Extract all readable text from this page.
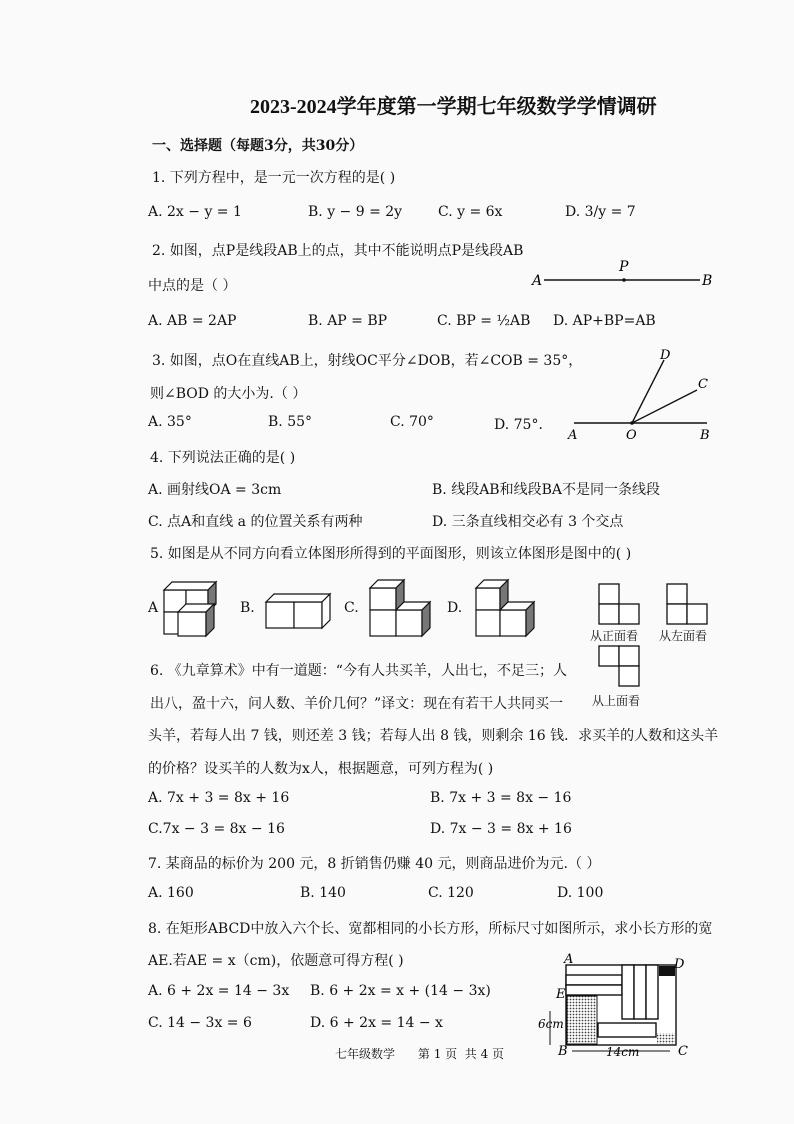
2023-2024学年度第一学期七年级数学学情调研
一、选择题（每题3分，共30分）
1. 下列方程中，是一元一次方程的是( )
A. 2x − y = 1	B. y − 9 = 2y	C. y = 6x	D. 3/y = 7
2. 如图，点P是线段AB上的点，其中不能说明点P是线段AB
中点的是（ ）	A
P
B
A. AB = 2AP	B. AP = BP	C. BP = ½AB D. AP+BP=AB
3. 如图，点O在直线AB上，射线OC平分∠DOB，若∠COB = 35°，
则∠BOD 的大小为.（ ）
A. 35°	B. 55°	C. 70°	D. 75°．
A	O	B
C
D
4. 下列说法正确的是( )
A. 画射线OA = 3cm	B. 线段AB和线段BA不是同一条线段
C. 点A和直线 a 的位置关系有两种	D. 三条直线相交必有 3 个交点
5. 如图是从不同方向看立体图形所得到的平面图形，则该立体图形是图中的( )
A	B.	C.	D.
从正面看 从左面看
从上面看
6. 《九章算术》中有一道题：“今有人共买羊，人出七，不足三；人
出八，盈十六，问人数、羊价几何？”译文：现在有若干人共同买一
头羊，若每人出 7 钱，则还差 3 钱；若每人出 8 钱，则剩余 16 钱．求买羊的人数和这头羊
的价格？设买羊的人数为x人，根据题意，可列方程为( )
A. 7x + 3 = 8x + 16	B. 7x + 3 = 8x − 16
C.7x − 3 = 8x − 16	D. 7x − 3 = 8x + 16
7. 某商品的标价为 200 元，8 折销售仍赚 40 元，则商品进价为元.（ ）
A. 160	B. 140	C. 120	D. 100
8. 在矩形ABCD中放入六个长、宽都相同的小长方形，所标尺寸如图所示，求小长方形的宽
AE.若AE = x（cm)，依题意可得方程( )
A. 6 + 2x = 14 − 3x B. 6 + 2x = x + (14 − 3x)
C. 14 − 3x = 6	D. 6 + 2x = 14 − x
A	D
E
B	C
6cm
14cm
七年级数学      第 1 页  共 4 页
